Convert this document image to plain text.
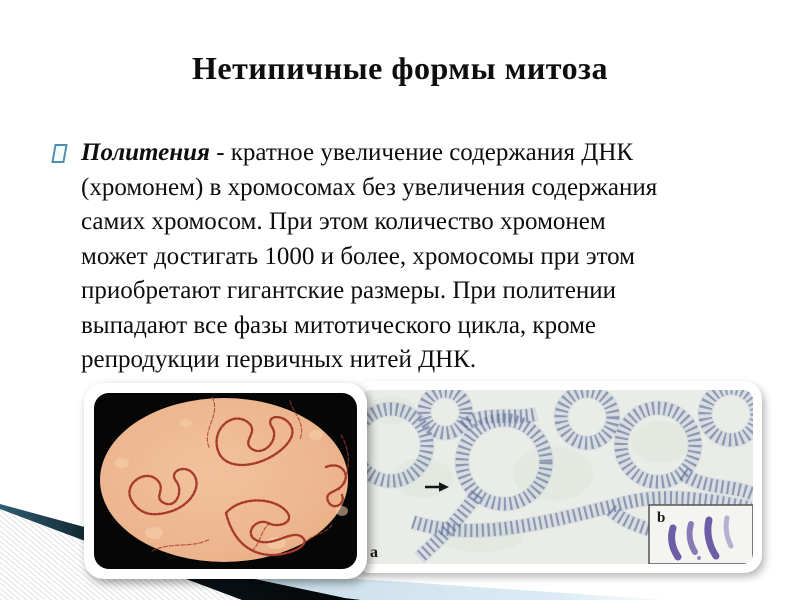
Нетипичные формы митоза
Политения - кратное увеличение содержания ДНК
(хромонем) в хромосомах без увеличения содержания
самих хромосом. При этом количество хромонем
может достигать 1000 и более, хромосомы при этом
приобретают гигантские размеры. При политении
выпадают все фазы митотического цикла, кроме
репродукции первичных нитей ДНК.
a
b
